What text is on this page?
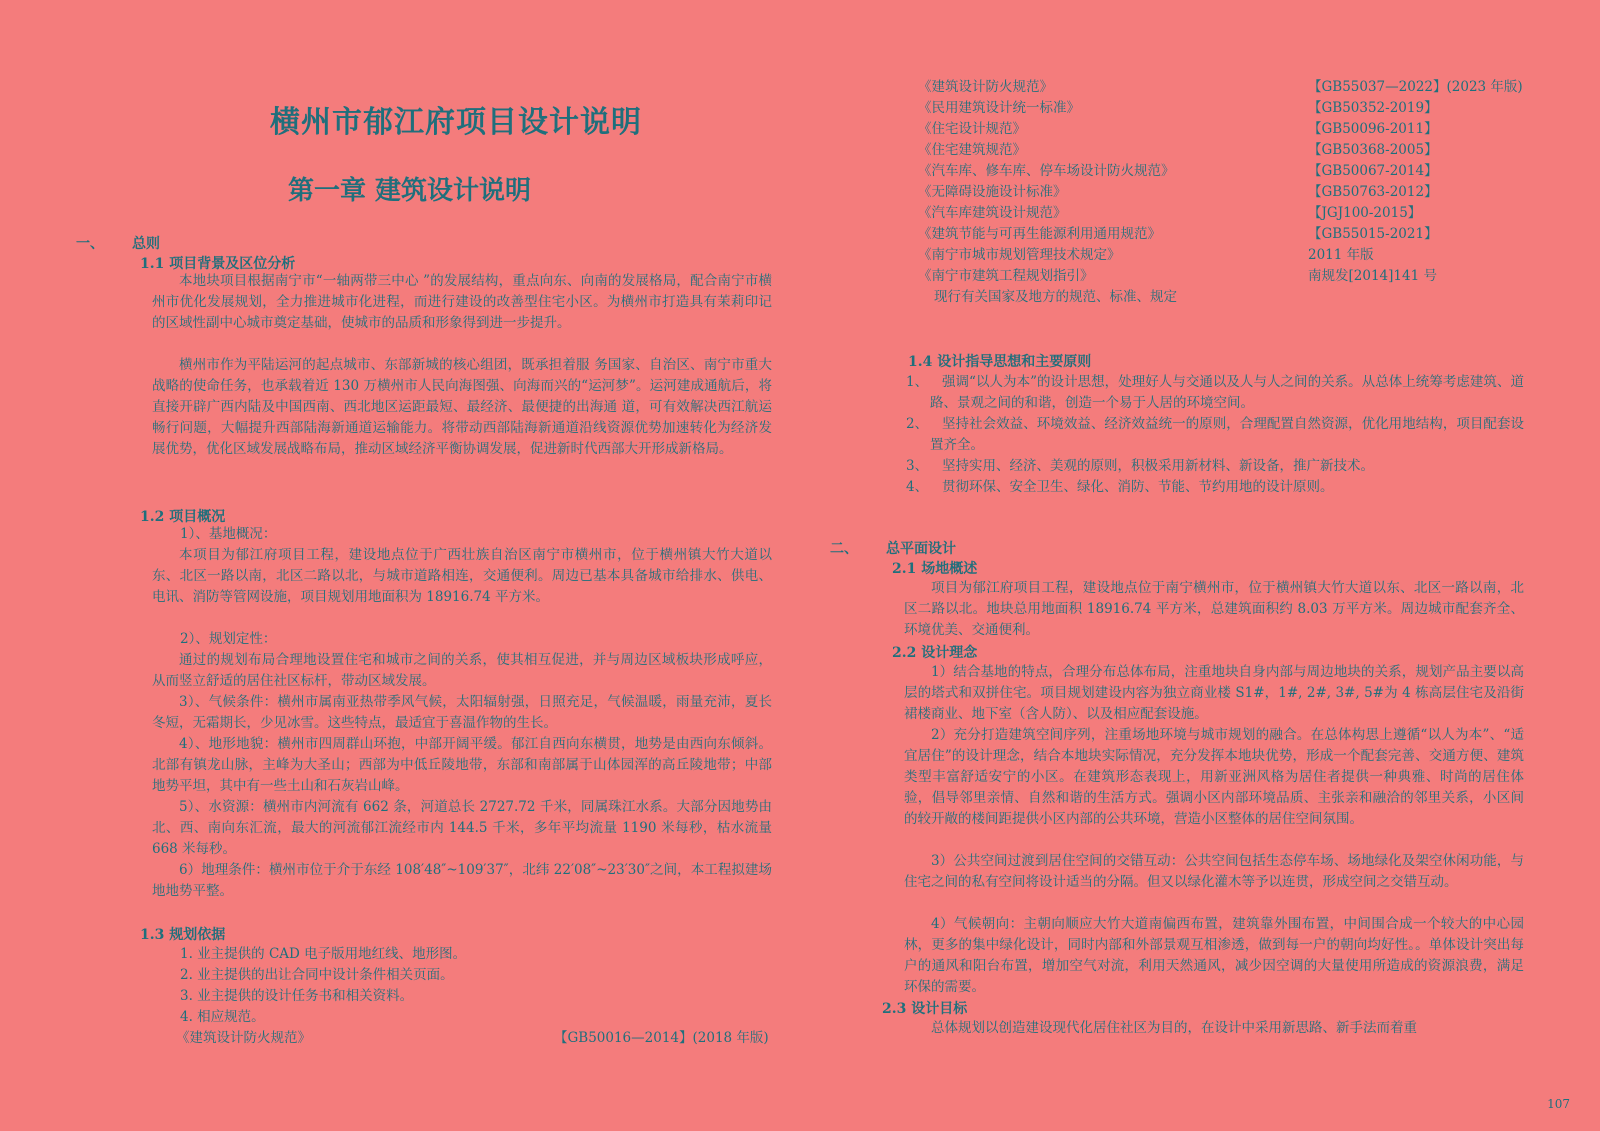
横州市郁江府项目设计说明
第一章 建筑设计说明
一、 总则
1.1 项目背景及区位分析
本地块项目根据南宁市“一轴两带三中心 ”的发展结构，重点向东、向南的发展格局，配合南宁市横州市优化发展规划，全力推进城市化进程，而进行建设的改善型住宅小区。为横州市打造具有茉莉印记的区域性副中心城市奠定基础，使城市的品质和形象得到进一步提升。
横州市作为平陆运河的起点城市、东部新城的核心组团，既承担着服 务国家、自治区、南宁市重大战略的使命任务，也承载着近 130 万横州市人民向海图强、向海而兴的“运河梦”。运河建成通航后，将直接开辟广西内陆及中国西南、西北地区运距最短、最经济、最便捷的出海通 道，可有效解决西江航运畅行问题，大幅提升西部陆海新通道运输能力。将带动西部陆海新通道沿线资源优势加速转化为经济发展优势，优化区域发展战略布局，推动区域经济平衡协调发展，促进新时代西部大开形成新格局。
1.2 项目概况
1）、基地概况：
本项目为郁江府项目工程，建设地点位于广西壮族自治区南宁市横州市，位于横州镇大竹大道以东、北区一路以南，北区二路以北，与城市道路相连，交通便利。周边已基本具备城市给排水、供电、电讯、消防等管网设施，项目规划用地面积为 18916.74 平方米。
2）、规划定性：
通过的规划布局合理地设置住宅和城市之间的关系，使其相互促进，并与周边区域板块形成呼应，从而竖立舒适的居住社区标杆，带动区域发展。
3）、气候条件：横州市属南亚热带季风气候，太阳辐射强，日照充足，气候温暖，雨量充沛，夏长冬短，无霜期长，少见冰雪。这些特点，最适宜于喜温作物的生长。
4）、地形地貌：横州市四周群山环抱，中部开阔平缓。郁江自西向东横贯，地势是由西向东倾斜。北部有镇龙山脉，主峰为大圣山；西部为中低丘陵地带，东部和南部属于山体园浑的高丘陵地带；中部地势平坦，其中有一些土山和石灰岩山峰。
5）、水资源：横州市内河流有 662 条，河道总长 2727.72 千米，同属珠江水系。大部分因地势由北、西、南向东汇流，最大的河流郁江流经市内 144.5 千米，多年平均流量 1190 米每秒，枯水流量 668 米每秒。
6）地理条件：横州市位于介于东经 108′48″~109′37″，北纬 22′08″~23′30″之间，本工程拟建场地地势平整。
1.3 规划依据
1. 业主提供的 CAD 电子版用地红线、地形图。
2. 业主提供的出让合同中设计条件相关页面。
3. 业主提供的设计任务书和相关资料。
4. 相应规范。
《建筑设计防火规范》	【GB50016—2014】(2018 年版)
《建筑设计防火规范》	【GB55037—2022】(2023 年版)
《民用建筑设计统一标准》	【GB50352-2019】
《住宅设计规范》	【GB50096-2011】
《住宅建筑规范》	【GB50368-2005】
《汽车库、修车库、停车场设计防火规范》	【GB50067-2014】
《无障碍设施设计标准》	【GB50763-2012】
《汽车库建筑设计规范》	【JGJ100-2015】
《建筑节能与可再生能源利用通用规范》	【GB55015-2021】
《南宁市城市规划管理技术规定》	2011 年版
《南宁市建筑工程规划指引》	南规发[2014]141 号
现行有关国家及地方的规范、标准、规定
1.4 设计指导思想和主要原则
1、	强调“以人为本”的设计思想，处理好人与交通以及人与人之间的关系。从总体上统筹考虑建筑、道路、景观之间的和谐，创造一个易于人居的环境空间。
2、	坚持社会效益、环境效益、经济效益统一的原则，合理配置自然资源，优化用地结构，项目配套设置齐全。
3、 坚持实用、经济、美观的原则，积极采用新材料、新设备，推广新技术。
4、 贯彻环保、安全卫生、绿化、消防、节能、节约用地的设计原则。
二、 总平面设计
2.1 场地概述
项目为郁江府项目工程，建设地点位于南宁横州市，位于横州镇大竹大道以东、北区一路以南，北区二路以北。地块总用地面积 18916.74 平方米，总建筑面积约 8.03 万平方米。周边城市配套齐全、环境优美、交通便利。
2.2 设计理念
1）结合基地的特点，合理分布总体布局，注重地块自身内部与周边地块的关系，规划产品主要以高层的塔式和双拼住宅。项目规划建设内容为独立商业楼 S1#，1#, 2#, 3#, 5#为 4 栋高层住宅及沿街裙楼商业、地下室（含人防）、以及相应配套设施。
2）充分打造建筑空间序列，注重场地环境与城市规划的融合。在总体构思上遵循“以人为本”、“适宜居住”的设计理念，结合本地块实际情况，充分发挥本地块优势，形成一个配套完善、交通方便、建筑类型丰富舒适安宁的小区。在建筑形态表现上，用新亚洲风格为居住者提供一种典雅、时尚的居住体验，倡导邻里亲情、自然和谐的生活方式。强调小区内部环境品质、主张亲和融洽的邻里关系，小区间的较开敞的楼间距提供小区内部的公共环境，营造小区整体的居住空间氛围。
3）公共空间过渡到居住空间的交错互动：公共空间包括生态停车场、场地绿化及架空休闲功能，与住宅之间的私有空间将设计适当的分隔。但又以绿化灌木等予以连贯，形成空间之交错互动。
4）气候朝向：主朝向顺应大竹大道南偏西布置，建筑靠外围布置，中间围合成一个较大的中心园林，更多的集中绿化设计，同时内部和外部景观互相渗透，做到每一户的朝向均好性。。单体设计突出每户的通风和阳台布置，增加空气对流，利用天然通风，减少因空调的大量使用所造成的资源浪费，满足环保的需要。
2.3 设计目标
总体规划以创造建设现代化居住社区为目的，在设计中采用新思路、新手法而着重
107
